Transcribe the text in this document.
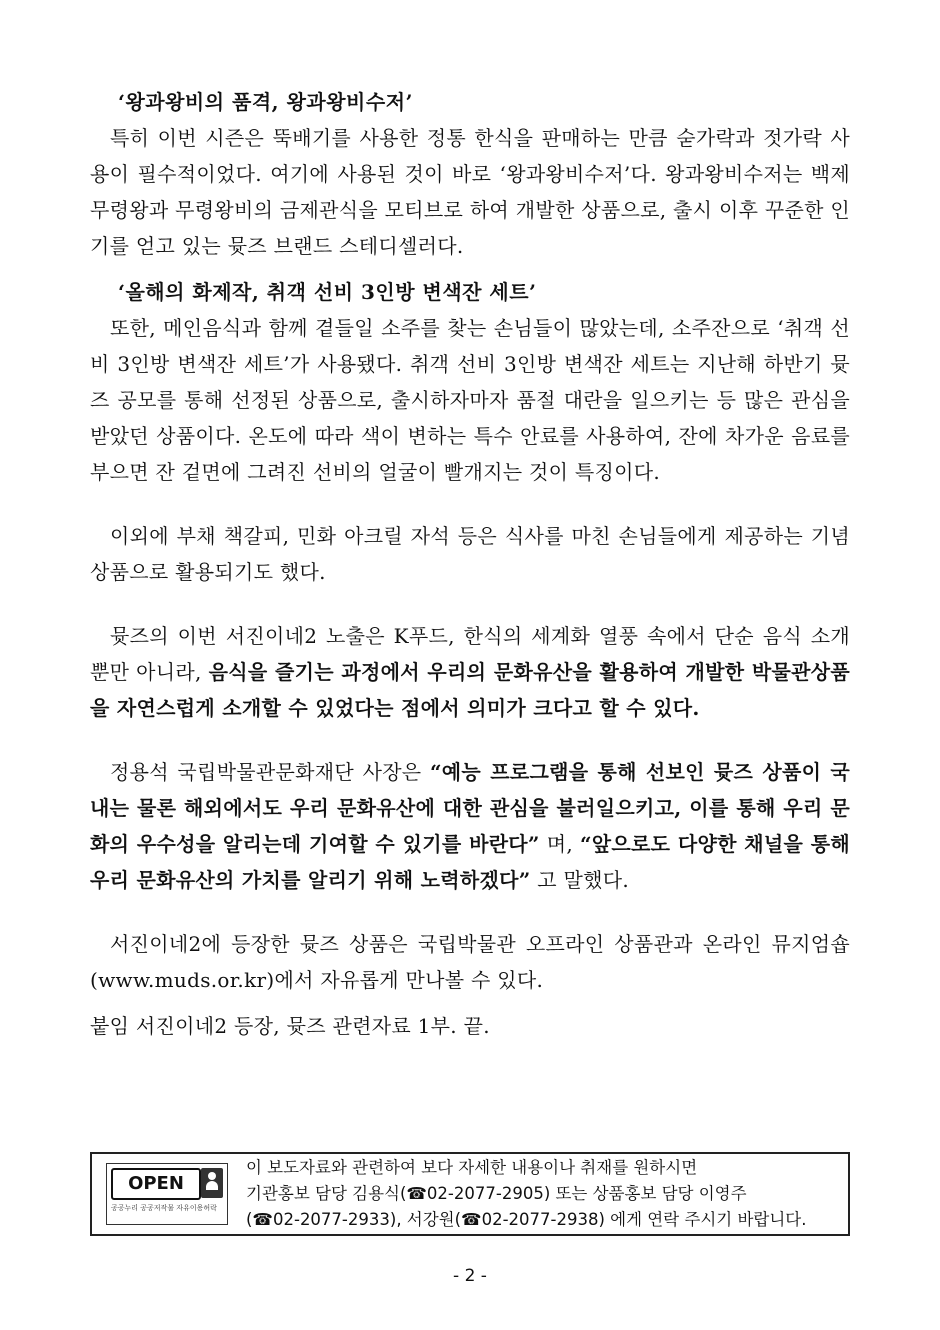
‘왕과왕비의 품격, 왕과왕비수저’

특히 이번 시즌은 뚝배기를 사용한 정통 한식을 판매하는 만큼 숟가락과 젓가락 사용이 필수적이었다. 여기에 사용된 것이 바로 ‘왕과왕비수저’다. 왕과왕비수저는 백제 무령왕과 무령왕비의 금제관식을 모티브로 하여 개발한 상품으로, 출시 이후 꾸준한 인기를 얻고 있는 뮷즈 브랜드 스테디셀러다.

‘올해의 화제작, 취객 선비 3인방 변색잔 세트’

또한, 메인음식과 함께 곁들일 소주를 찾는 손님들이 많았는데, 소주잔으로 ‘취객 선비 3인방 변색잔 세트’가 사용됐다. 취객 선비 3인방 변색잔 세트는 지난해 하반기 뮷즈 공모를 통해 선정된 상품으로, 출시하자마자 품절 대란을 일으키는 등 많은 관심을 받았던 상품이다. 온도에 따라 색이 변하는 특수 안료를 사용하여, 잔에 차가운 음료를 부으면 잔 겉면에 그려진 선비의 얼굴이 빨개지는 것이 특징이다.

이외에 부채 책갈피, 민화 아크릴 자석 등은 식사를 마친 손님들에게 제공하는 기념상품으로 활용되기도 했다.

뮷즈의 이번 서진이네2 노출은 K푸드, 한식의 세계화 열풍 속에서 단순 음식 소개 뿐만 아니라, 음식을 즐기는 과정에서 우리의 문화유산을 활용하여 개발한 박물관상품을 자연스럽게 소개할 수 있었다는 점에서 의미가 크다고 할 수 있다.

정용석 국립박물관문화재단 사장은 “예능 프로그램을 통해 선보인 뮷즈 상품이 국내는 물론 해외에서도 우리 문화유산에 대한 관심을 불러일으키고, 이를 통해 우리 문화의 우수성을 알리는데 기여할 수 있기를 바란다” 며, “앞으로도 다양한 채널을 통해 우리 문화유산의 가치를 알리기 위해 노력하겠다” 고 말했다.

서진이네2에 등장한 뮷즈 상품은 국립박물관 오프라인 상품관과 온라인 뮤지엄숍(www.muds.or.kr)에서 자유롭게 만나볼 수 있다.

붙임 서진이네2 등장, 뮷즈 관련자료 1부. 끝.

OPEN
공공누리 공공저작물 자유이용허락
이 보도자료와 관련하여 보다 자세한 내용이나 취재를 원하시면
기관홍보 담당 김용식(☎02-2077-2905) 또는 상품홍보 담당 이영주
(☎02-2077-2933), 서강원(☎02-2077-2938) 에게 연락 주시기 바랍니다.
- 2 -
